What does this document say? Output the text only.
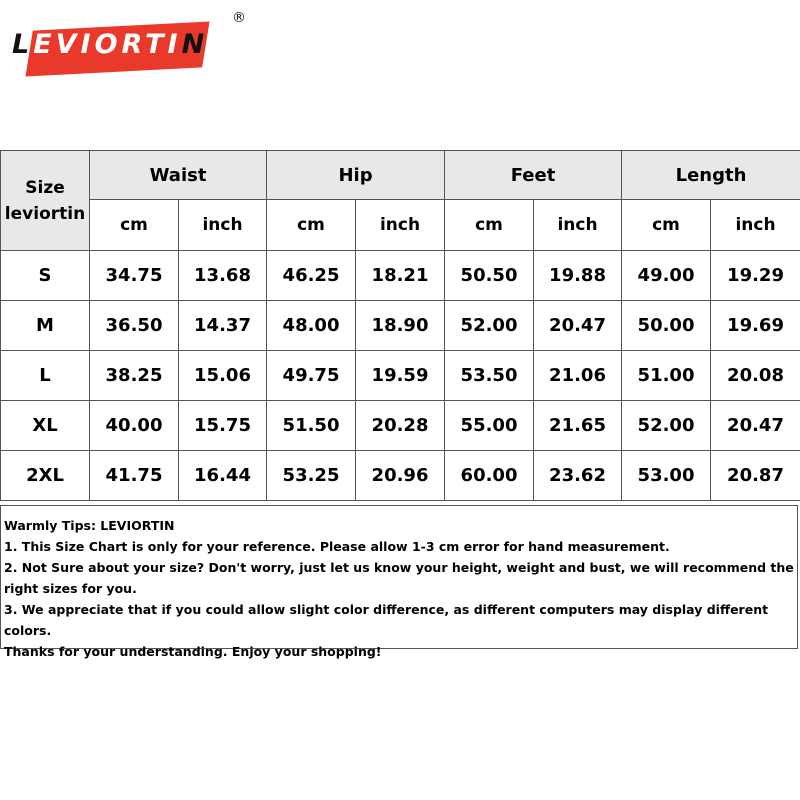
LEVIORTIN
®
Size
leviortin	Waist		Hip		Feet		Length	
	cm	inch	cm	inch	cm	inch	cm	inch
S	34.75	13.68	46.25	18.21	50.50	19.88	49.00	19.29
M	36.50	14.37	48.00	18.90	52.00	20.47	50.00	19.69
L	38.25	15.06	49.75	19.59	53.50	21.06	51.00	20.08
XL	40.00	15.75	51.50	20.28	55.00	21.65	52.00	20.47
2XL	41.75	16.44	53.25	20.96	60.00	23.62	53.00	20.87

Warmly Tips: LEVIORTIN

1. This Size Chart is only for your reference. Please allow 1-3 cm error for hand measurement.

2. Not Sure about your size? Don't worry, just let us know your height, weight and bust, we will recommend the right sizes for you.

3. We appreciate that if you could allow slight color difference, as different computers may display different colors.

Thanks for your understanding. Enjoy your shopping!
